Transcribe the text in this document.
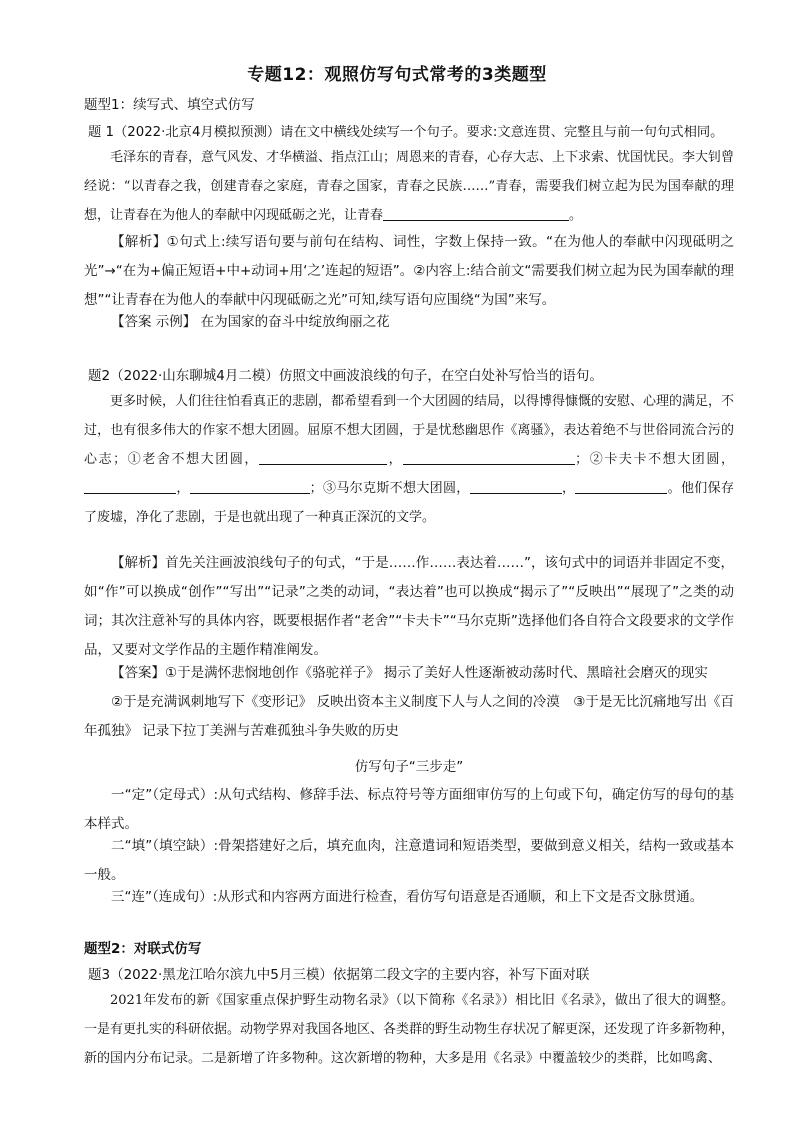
专题12：观照仿写句式常考的3类题型

题型1：续写式、填空式仿写

题 1（2022·北京4月模拟预测）请在文中横线处续写一个句子。要求:文意连贯、完整且与前一句句式相同。

毛泽东的青春，意气风发、才华横溢、指点江山；周恩来的青春，心存大志、上下求索、忧国忧民。李大钊曾经说：“以青春之我，创建青春之家庭，青春之国家，青春之民族……”青春，需要我们树立起为民为国奉献的理想，让青春在为他人的奉献中闪现砥砺之光，让青春	。

【解析】①句式上:续写语句要与前句在结构、词性，字数上保持一致。“在为他人的奉献中闪现砥明之光”→“在为+偏正短语+中+动词+用‘之’连起的短语”。②内容上:结合前文“需要我们树立起为民为国奉献的理想”“让青春在为他人的奉献中闪现砥砺之光”可知,续写语句应围绕“为国”来写。

【答案 示例】 在为国家的奋斗中绽放绚丽之花

题2（2022·山东聊城4月二模）仿照文中画波浪线的句子，在空白处补写恰当的语句。

更多时候，人们往往怕看真正的悲剧，都希望看到一个大团圆的结局，以得博得慷慨的安慰、心理的满足，不过，也有很多伟大的作家不想大团圆。屈原不想大团圆，于是忧愁幽思作《离骚》，表达着绝不与世俗同流合污的心志；①老舍不想大团圆，	，	；②卡夫卡不想大团圆，，	；③马尔克斯不想大团圆，	，	。他们保存了废墟，净化了悲剧，于是也就出现了一种真正深沉的文学。

【解析】首先关注画波浪线句子的句式，“于是……作……表达着……”，该句式中的词语并非固定不变，如“作”可以换成“创作”“写出”“记录”之类的动词，“表达着”也可以换成“揭示了”“反映出”“展现了”之类的动词；其次注意补写的具体内容，既要根据作者“老舍”“卡夫卡”“马尔克斯”选择他们各自符合文段要求的文学作品，又要对文学作品的主题作精准阐发。

【答案】①于是满怀悲悯地创作《骆驼祥子》 揭示了美好人性逐渐被动荡时代、黑暗社会磨灭的现实

②于是充满讽刺地写下《变形记》 反映出资本主义制度下人与人之间的冷漠　③于是无比沉痛地写出《百年孤独》 记录下拉丁美洲与苦难孤独斗争失败的历史

仿写句子“三步走”

一“定”（定母式）:从句式结构、修辞手法、标点符号等方面细审仿写的上句或下句，确定仿写的母句的基本样式。

二“填”（填空缺）:骨架搭建好之后，填充血肉，注意遣词和短语类型，要做到意义相关，结构一致或基本一般。

三“连”（连成句）:从形式和内容两方面进行检查，看仿写句语意是否通顺，和上下文是否文脉贯通。

题型2：对联式仿写

题3（2022·黑龙江哈尔滨九中5月三模）依据第二段文字的主要内容，补写下面对联

2021年发布的新《国家重点保护野生动物名录》（以下简称《名录》）相比旧《名录》，做出了很大的调整。一是有更扎实的科研依据。动物学界对我国各地区、各类群的野生动物生存状况了解更深，还发现了许多新物种，新的国内分布记录。二是新增了许多物种。这次新增的物种，大多是用《名录》中覆盖较少的类群，比如鸣禽、
